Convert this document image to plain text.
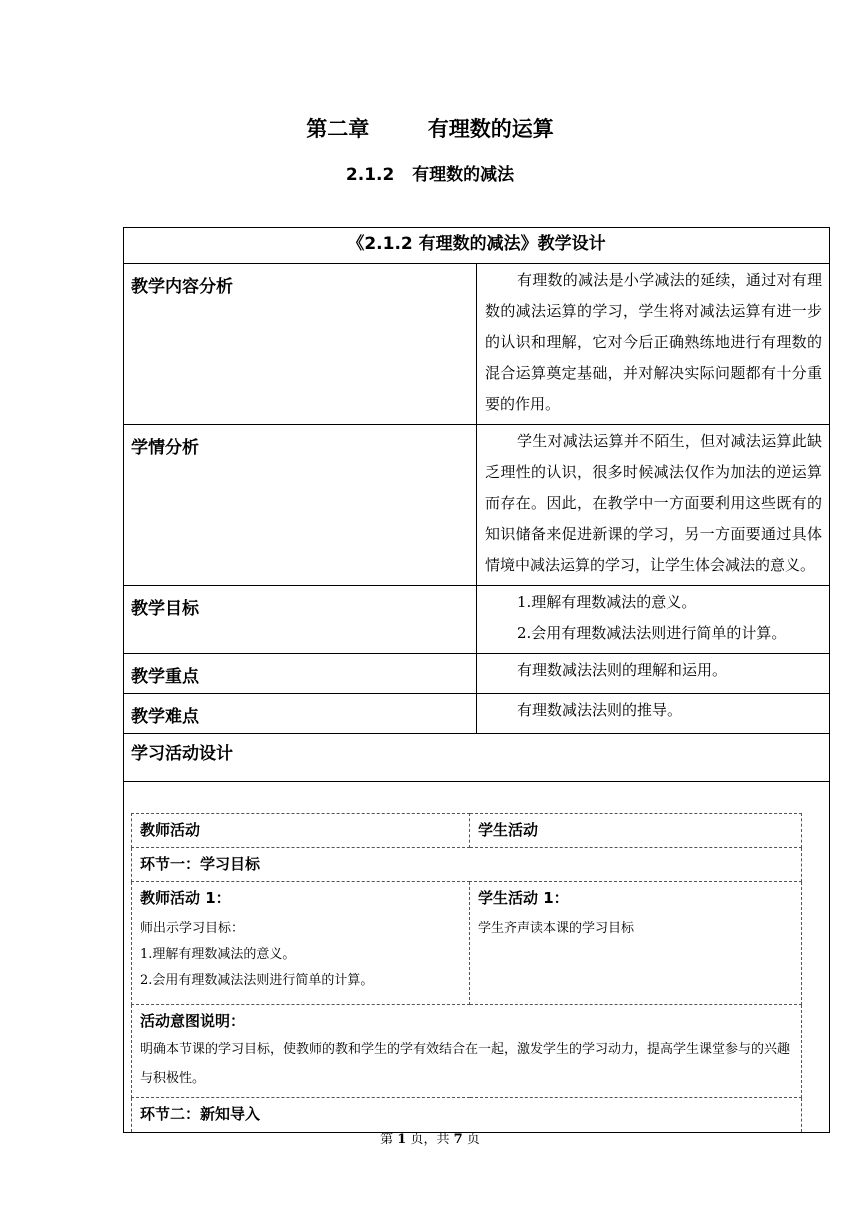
第二章        有理数的运算
2.1.2   有理数的减法
《2.1.2 有理数的减法》教学设计
教学内容分析	有理数的减法是小学减法的延续，通过对有理数的减法运算的学习，学生将对减法运算有进一步的认识和理解，它对今后正确熟练地进行有理数的混合运算奠定基础，并对解决实际问题都有十分重要的作用。

学情分析	学生对减法运算并不陌生，但对减法运算此缺乏理性的认识，很多时候减法仅作为加法的逆运算而存在。因此，在教学中一方面要利用这些既有的知识储备来促进新课的学习，另一方面要通过具体情境中减法运算的学习，让学生体会减法的意义。

教学目标	1.理解有理数减法的意义。
2.会用有理数减法法则进行简单的计算。

教学重点	有理数减法法则的理解和运用。

教学难点	有理数减法法则的推导。

学习活动设计

教师活动	学生活动
环节一：学习目标

教师活动 1：
师出示学习目标：
1.理解有理数减法的意义。
2.会用有理数减法法则进行简单的计算。

学生活动 1：
学生齐声读本课的学习目标

活动意图说明：
明确本节课的学习目标，使教师的教和学生的学有效结合在一起，激发学生的学习动力，提高学生课堂参与的兴趣与积极性。

环节二：新知导入
第 1 页，共 7 页
